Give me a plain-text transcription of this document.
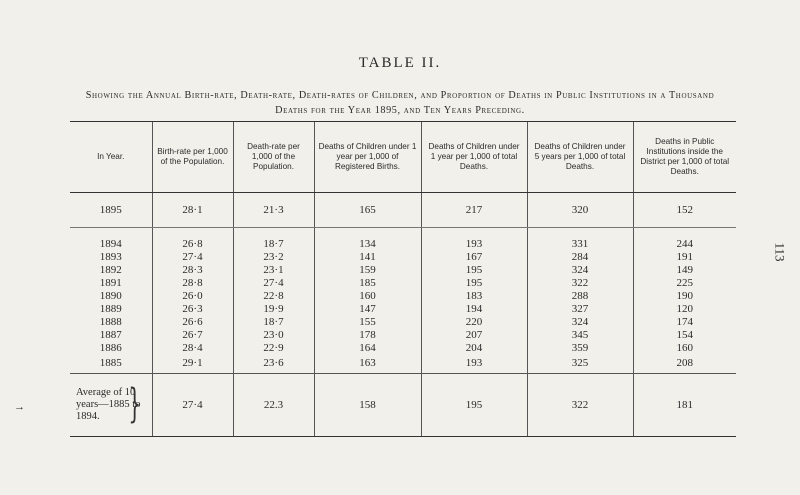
TABLE II.
Showing the Annual Birth-rate, Death-rate, Death-rates of Children, and Proportion of Deaths in Public Institutions in a Thousand Deaths for the Year 1895, and Ten Years Preceding.
113
→
In Year.	Birth-rate per 1,000 of the Population.	Death-rate per 1,000 of the Population.	Deaths of Children under 1 year per 1,000 of Registered Births.	Deaths of Children under 1 year per 1,000 of total Deaths.	Deaths of Children under 5 years per 1,000 of total Deaths.	Deaths in Public Institutions inside the District per 1,000 of total Deaths.
1895	28·1	21·3	165	217	320	152

1894	26·8	18·7	134	193	331	244
1893	27·4	23·2	141	167	284	191
1892	28·3	23·1	159	195	324	149
1891	28·8	27·4	185	195	322	225
1890	26·0	22·8	160	183	288	190
1889	26·3	19·9	147	194	327	120
1888	26·6	18·7	155	220	324	174
1887	26·7	23·0	178	207	345	154
1886	28·4	22·9	164	204	359	160
1885	29·1	23·6	163	193	325	208

Average of 10 years—1885 to 1894. }	27·4	22.3	158	195	322	181
